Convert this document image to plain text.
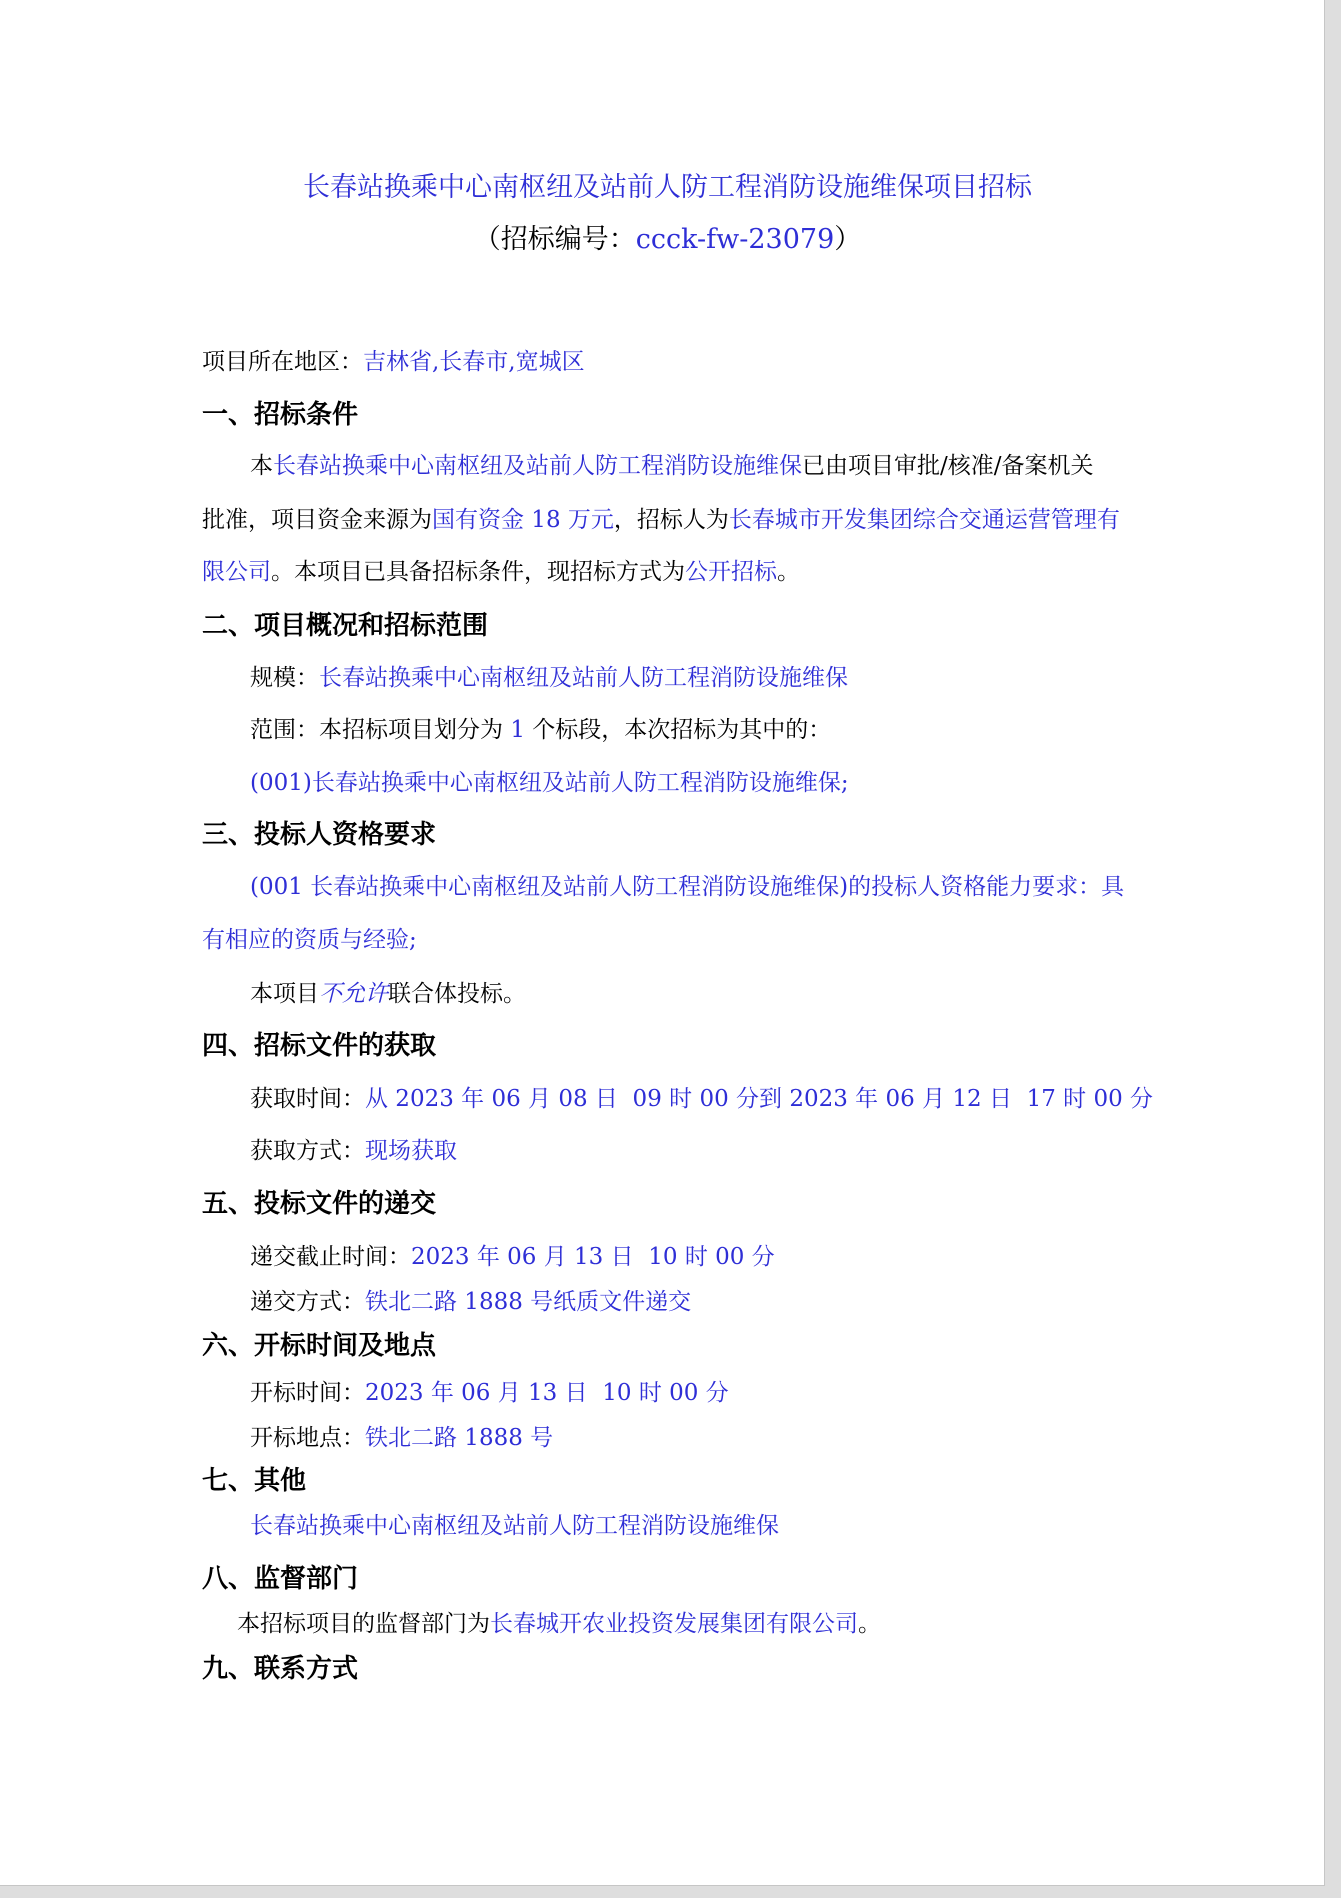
长春站换乘中心南枢纽及站前人防工程消防设施维保项目招标
（招标编号：ccck-fw-23079）
项目所在地区：吉林省,长春市,宽城区
一、招标条件
本长春站换乘中心南枢纽及站前人防工程消防设施维保已由项目审批/核准/备案机关
批准，项目资金来源为国有资金 18 万元，招标人为长春城市开发集团综合交通运营管理有
限公司。本项目已具备招标条件，现招标方式为公开招标。
二、项目概况和招标范围
规模：长春站换乘中心南枢纽及站前人防工程消防设施维保
范围：本招标项目划分为 1 个标段，本次招标为其中的：
(001)长春站换乘中心南枢纽及站前人防工程消防设施维保;
三、投标人资格要求
(001 长春站换乘中心南枢纽及站前人防工程消防设施维保)的投标人资格能力要求：具
有相应的资质与经验;
本项目不允许联合体投标。
四、招标文件的获取
获取时间：从 2023 年 06 月 08 日  09 时 00 分到 2023 年 06 月 12 日  17 时 00 分
获取方式：现场获取
五、投标文件的递交
递交截止时间：2023 年 06 月 13 日  10 时 00 分
递交方式：铁北二路 1888 号纸质文件递交
六、开标时间及地点
开标时间：2023 年 06 月 13 日  10 时 00 分
开标地点：铁北二路 1888 号
七、其他
长春站换乘中心南枢纽及站前人防工程消防设施维保
八、监督部门
本招标项目的监督部门为长春城开农业投资发展集团有限公司。
九、联系方式
